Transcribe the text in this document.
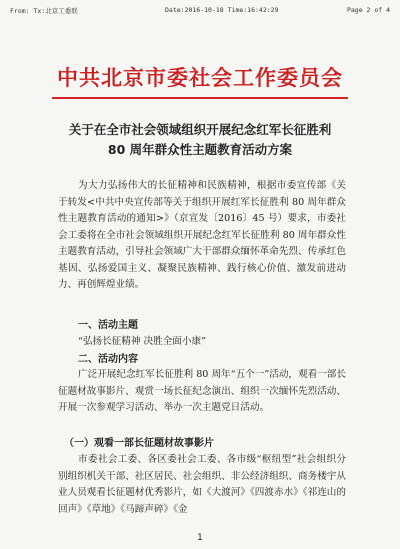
From: Tx:北京工委联	Date:2016-10-18 Time:16:42:29	Page 2 of 4
中共北京市委社会工作委员会
关于在全市社会领域组织开展纪念红军长征胜利
80 周年群众性主题教育活动方案
为大力弘扬伟大的长征精神和民族精神，根据市委宣传部《关于转发<中共中央宣传部等关于组织开展红军长征胜利 80 周年群众性主题教育活动的通知>》（京宣发〔2016〕45 号）要求，市委社会工委将在全市社会领域组织开展纪念红军长征胜利 80 周年群众性主题教育活动，引导社会领域广大干部群众缅怀革命先烈、传承红色基因、弘扬爱国主义、凝聚民族精神、践行核心价值、激发前进动力、再创辉煌业绩。
一、活动主题
“弘扬长征精神 决胜全面小康”
二、活动内容
广泛开展纪念红军长征胜利 80 周年“五个一”活动，观看一部长征题材故事影片、观赏一场长征纪念演出、组织一次缅怀先烈活动、开展一次参观学习活动、举办一次主题党日活动。
（一）观看一部长征题材故事影片
市委社会工委、各区委社会工委、各市级“枢纽型”社会组织分别组织机关干部、社区居民、社会组织、非公经济组织、商务楼宇从业人员观看长征题材优秀影片，如《大渡河》《四渡赤水》《祁连山的回声》《草地》《马蹄声碎》《金
1
